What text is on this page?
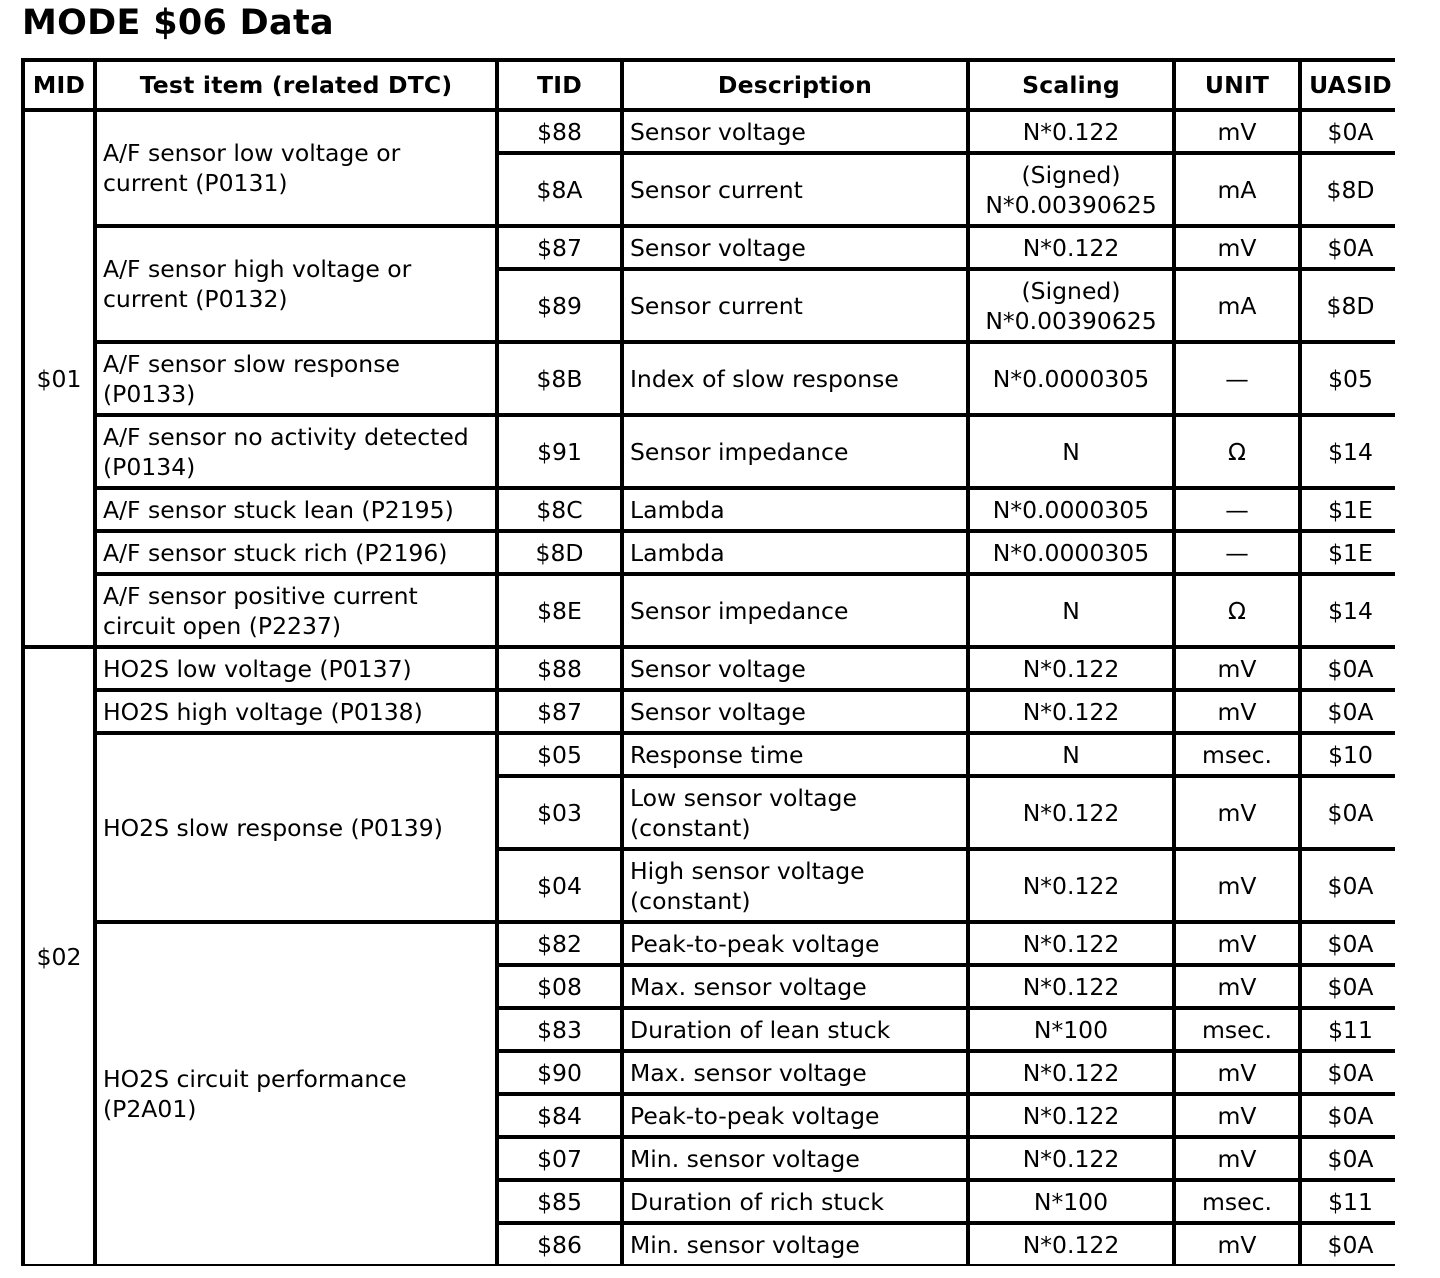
MODE $06 Data
MID	Test item (related DTC)	TID	Description	Scaling	UNIT	UASID
$01	A/F sensor low voltage or current (P0131)	$88	Sensor voltage	N*0.122	mV	$0A
		$8A	Sensor current	(Signed) N*0.00390625	mA	$8D
	A/F sensor high voltage or current (P0132)	$87	Sensor voltage	N*0.122	mV	$0A
		$89	Sensor current	(Signed) N*0.00390625	mA	$8D
	A/F sensor slow response (P0133)	$8B	Index of slow response	N*0.0000305	—	$05
	A/F sensor no activity detected (P0134)	$91	Sensor impedance	N	Ω	$14
	A/F sensor stuck lean (P2195)	$8C	Lambda	N*0.0000305	—	$1E
	A/F sensor stuck rich (P2196)	$8D	Lambda	N*0.0000305	—	$1E
	A/F sensor positive current circuit open (P2237)	$8E	Sensor impedance	N	Ω	$14
$02	HO2S low voltage (P0137)	$88	Sensor voltage	N*0.122	mV	$0A
	HO2S high voltage (P0138)	$87	Sensor voltage	N*0.122	mV	$0A
	HO2S slow response (P0139)	$05	Response time	N	msec.	$10
		$03	Low sensor voltage (constant)	N*0.122	mV	$0A
		$04	High sensor voltage (constant)	N*0.122	mV	$0A
	HO2S circuit performance (P2A01)	$82	Peak-to-peak voltage	N*0.122	mV	$0A
		$08	Max. sensor voltage	N*0.122	mV	$0A
		$83	Duration of lean stuck	N*100	msec.	$11
		$90	Max. sensor voltage	N*0.122	mV	$0A
		$84	Peak-to-peak voltage	N*0.122	mV	$0A
		$07	Min. sensor voltage	N*0.122	mV	$0A
		$85	Duration of rich stuck	N*100	msec.	$11
		$86	Min. sensor voltage	N*0.122	mV	$0A
